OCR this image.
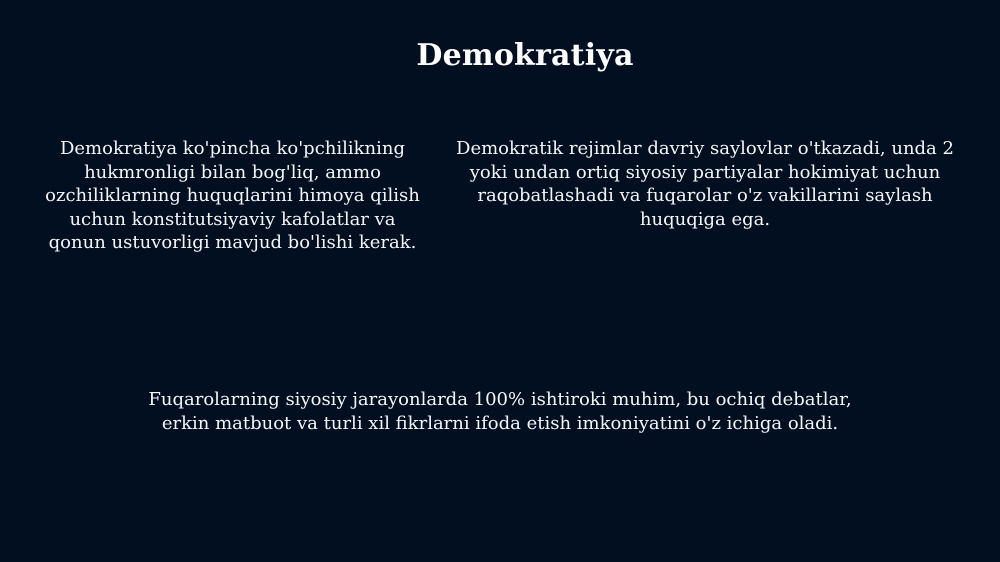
Demokratiya
Demokratiya ko'pincha ko'pchilikning hukmronligi bilan bog'liq, ammo ozchiliklarning huquqlarini himoya qilish uchun konstitutsiyaviy kafolatlar va qonun ustuvorligi mavjud bo'lishi kerak.
Demokratik rejimlar davriy saylovlar o'tkazadi, unda 2 yoki undan ortiq siyosiy partiyalar hokimiyat uchun raqobatlashadi va fuqarolar o'z vakillarini saylash huquqiga ega.
Fuqarolarning siyosiy jarayonlarda 100% ishtiroki muhim, bu ochiq debatlar, erkin matbuot va turli xil fikrlarni ifoda etish imkoniyatini o'z ichiga oladi.
